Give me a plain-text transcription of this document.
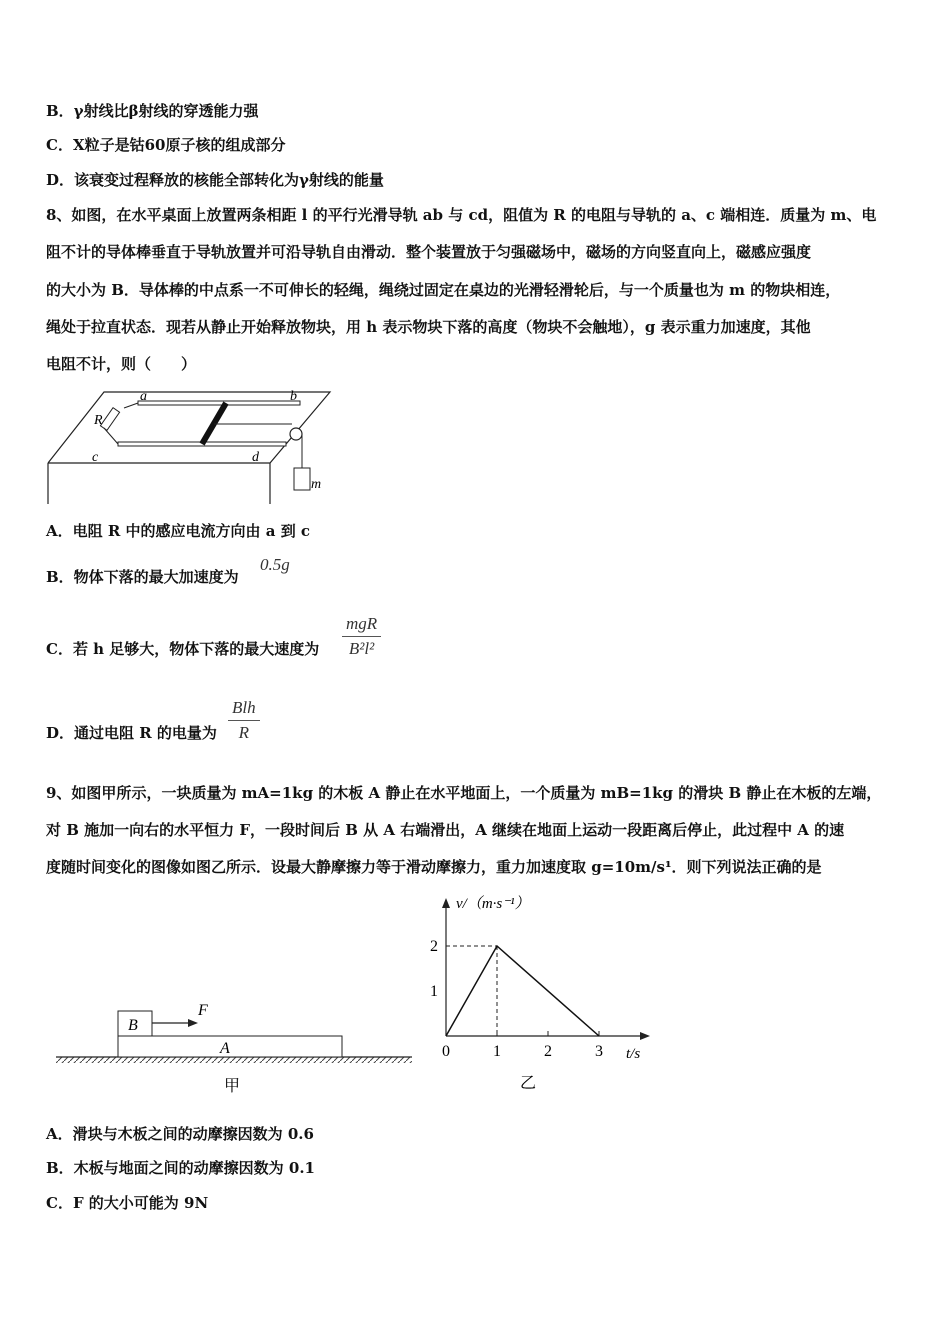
B．γ射线比β射线的穿透能力强
C．X粒子是钴60原子核的组成部分
D．该衰变过程释放的核能全部转化为γ射线的能量
8、如图，在水平桌面上放置两条相距 l 的平行光滑导轨 ab 与 cd，阻值为 R 的电阻与导轨的 a、c 端相连．质量为 m、电
阻不计的导体棒垂直于导轨放置并可沿导轨自由滑动．整个装置放于匀强磁场中，磁场的方向竖直向上，磁感应强度
的大小为 B．导体棒的中点系一不可伸长的轻绳，绳绕过固定在桌边的光滑轻滑轮后，与一个质量也为 m 的物块相连，
绳处于拉直状态．现若从静止开始释放物块，用 h 表示物块下落的高度（物块不会触地），g 表示重力加速度，其他
电阻不计，则（　　）
a	b
c	d
R
m
A．电阻 R 中的感应电流方向由 a 到 c
B．物体下落的最大加速度为
0.5g
C．若 h 足够大，物体下落的最大速度为
mgR
B²l²
D．通过电阻 R 的电量为
Blh
R
9、如图甲所示，一块质量为 mA=1kg 的木板 A 静止在水平地面上，一个质量为 mB=1kg 的滑块 B 静止在木板的左端，
对 B 施加一向右的水平恒力 F，一段时间后 B 从 A 右端滑出，A 继续在地面上运动一段距离后停止，此过程中 A 的速
度随时间变化的图像如图乙所示．设最大静摩擦力等于滑动摩擦力，重力加速度取 g=10m/s¹．则下列说法正确的是
B
F
A
甲
v/（m·s⁻¹）
t/s
0	1	2	3
2
1
乙
A．滑块与木板之间的动摩擦因数为 0.6
B．木板与地面之间的动摩擦因数为 0.1
C．F 的大小可能为 9N
